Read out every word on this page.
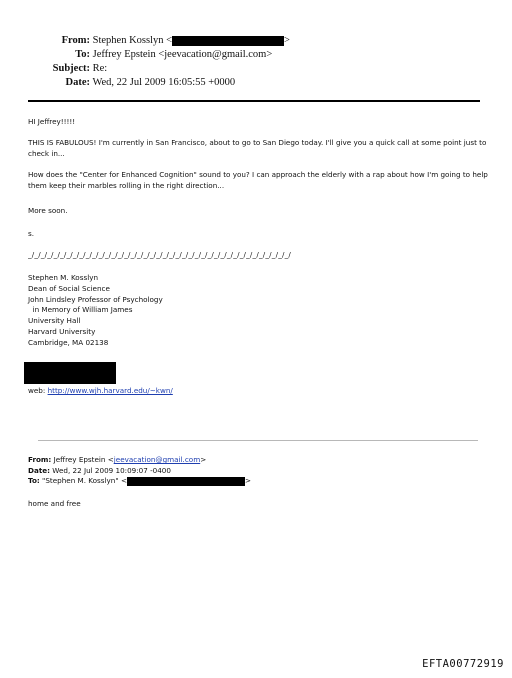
From: Stephen Kosslyn <	>
To: Jeffrey Epstein <jeevacation@gmail.com>
Subject: Re:
Date: Wed, 22 Jul 2009 16:05:55 +0000
HI Jeffrey!!!!!
THIS IS FABULOUS! I'm currently in San Francisco, about to go to San Diego today. I'll give you a quick call at some point just to check in...
How does the "Center for Enhanced Cognition" sound to you? I can approach the elderly with a rap about how I'm going to help them keep their marbles rolling in the right direction...
More soon.
s.
_/_/_/_/_/_/_/_/_/_/_/_/_/_/_/_/_/_/_/_/_/_/_/_/_/_/_/_/_/_/_/_/_/_/_/_/_/_/_/_/_/
Stephen M. Kosslyn
Dean of Social Science
John Lindsley Professor of Psychology
in Memory of William James
University Hall
Harvard University
Cambridge, MA 02138
web: http://www.wjh.harvard.edu/~kwn/
From: Jeffrey Epstein <jeevacation@gmail.com>
Date: Wed, 22 Jul 2009 10:09:07 -0400
To: "Stephen M. Kosslyn" <	>
home and free
EFTA00772919
